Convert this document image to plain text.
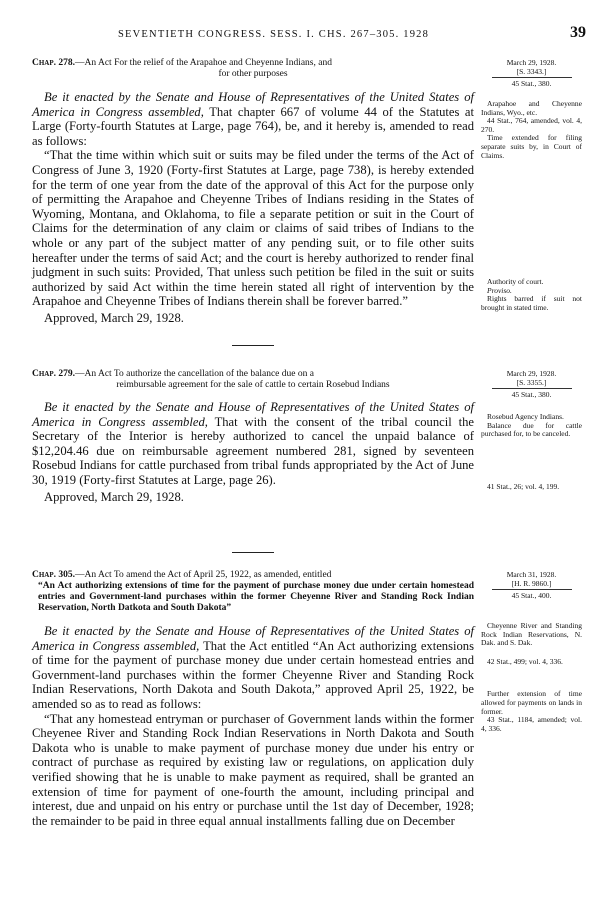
SEVENTIETH CONGRESS. SESS. I. CHS. 267–305. 1928	39
Chap. 278.—An Act For the relief of the Arapahoe and Cheyenne Indians, and
for other purposes

Be it enacted by the Senate and House of Representatives of the United States of America in Congress assembled, That chapter 667 of volume 44 of the Statutes at Large (Forty-fourth Statutes at Large, page 764), be, and it hereby is, amended to read as follows:

“That the time within which suit or suits may be filed under the terms of the Act of Congress of June 3, 1920 (Forty-first Statutes at Large, page 738), is hereby extended for the term of one year from the date of the approval of this Act for the purpose only of permitting the Arapahoe and Cheyenne Tribes of Indians residing in the States of Wyoming, Montana, and Oklahoma, to file a separate petition or suit in the Court of Claims for the determination of any claim or claims of said tribes of Indians to the whole or any part of the subject matter of any pending suit, or to file other suits hereafter under the terms of said Act; and the court is hereby authorized to render final judgment in such suits: Provided, That unless such petition be filed in the suit or suits authorized by said Act within the time herein stated all right of intervention by the Arapahoe and Cheyenne Tribes of Indians therein shall be forever barred.”

Approved, March 29, 1928.
March 29, 1928.
[S. 3343.]
45 Stat., 380.
Arapahoe and Cheyenne Indians, Wyo., etc.
44 Stat., 764, amended, vol. 4, 270.
Time extended for filing separate suits by, in Court of Claims.
Authority of court.
Proviso.
Rights barred if suit not brought in stated time.
Chap. 279.—An Act To authorize the cancellation of the balance due on a
reimbursable agreement for the sale of cattle to certain Rosebud Indians

Be it enacted by the Senate and House of Representatives of the United States of America in Congress assembled, That with the consent of the tribal council the Secretary of the Interior is hereby authorized to cancel the unpaid balance of $12,204.46 due on reimbursable agreement numbered 281, signed by seventeen Rosebud Indians for cattle purchased from tribal funds appropriated by the Act of June 30, 1919 (Forty-first Statutes at Large, page 26).

Approved, March 29, 1928.
March 29, 1928.
[S. 3355.]
45 Stat., 380.
Rosebud Agency Indians.
Balance due for cattle purchased for, to be canceled.
41 Stat., 26; vol. 4, 199.
Chap. 305.—An Act To amend the Act of April 25, 1922, as amended, entitled
“An Act authorizing extensions of time for the payment of purchase money due under certain homestead entries and Government-land purchases within the former Cheyenne River and Standing Rock Indian Reservation, North Datkota and South Dakota”

Be it enacted by the Senate and House of Representatives of the United States of America in Congress assembled, That the Act entitled “An Act authorizing extensions of time for the payment of purchase money due under certain homestead entries and Government-land purchases within the former Cheyenne River and Standing Rock Indian Reservations, North Dakota and South Dakota,” approved April 25, 1922, be amended so as to read as follows:

“That any homestead entryman or purchaser of Government lands within the former Cheyenee River and Standing Rock Indian Reservations in North Dakota and South Dakota who is unable to make payment of purchase money due under his entry or contract of purchase as required by existing law or regulations, on application duly verified showing that he is unable to make payment as required, shall be granted an extension of time for payment of one-fourth the amount, including principal and interest, due and unpaid on his entry or purchase until the 1st day of December, 1928; the remainder to be paid in three equal annual installments falling due on December

March 31, 1928.
[H. R. 9860.]
45 Stat., 400.
Cheyenne River and Standing Rock Indian Reservations, N. Dak. and S. Dak.
42 Stat., 499; vol. 4, 336.
Further extension of time allowed for payments on lands in former.
43 Stat., 1184, amended; vol. 4, 336.
